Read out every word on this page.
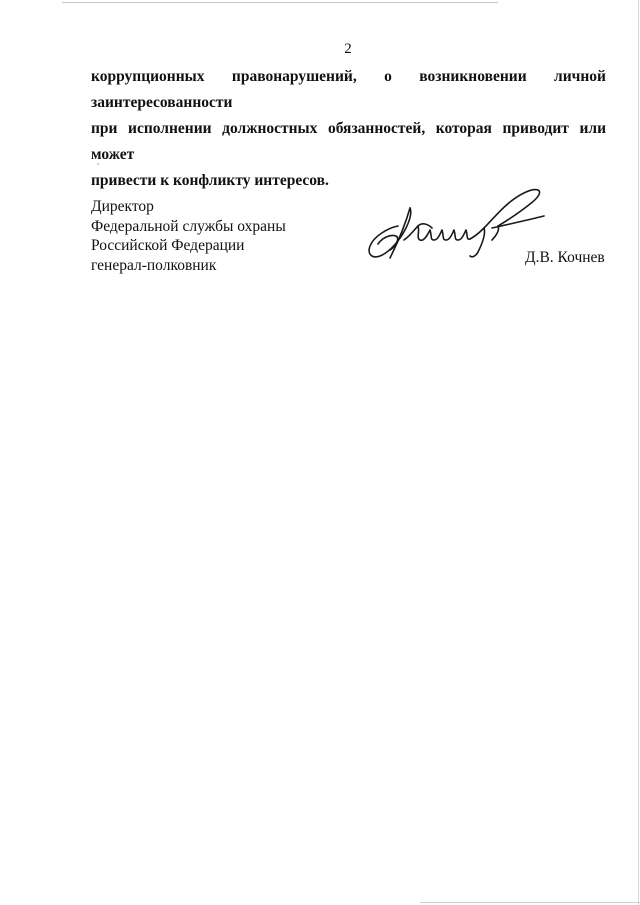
2
коррупционных правонарушений, о возникновении личной заинтересованности
при исполнении должностных обязанностей, которая приводит или может
привести к конфликту интересов.
Директор
Федеральной службы охраны
Российской Федерации
генерал-полковник	Д.В. Кочнев
